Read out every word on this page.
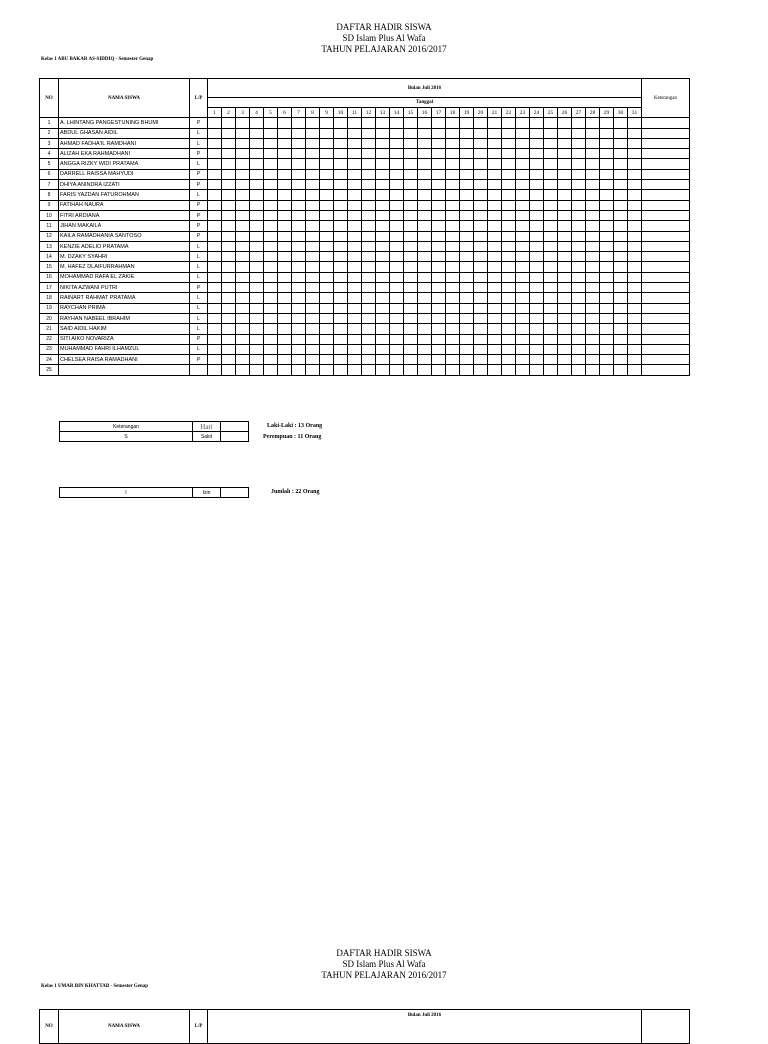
DAFTAR HADIR SISWA
SD Islam Plus Al Wafa
TAHUN PELAJARAN 2016/2017
Kelas 1 ABU BAKAR AS-SIDDIQ - Semester Genap
NO	NAMA SISWA	L/P	Bulan Juli 2016																															Keterangan
			Tanggal																															
			1	2	3	4	5	6	7	8	9	10	11	12	13	14	15	16	17	18	19	20	21	22	23	24	25	26	27	28	29	30	31	
1	A. LHINTANG PANGESTUNING BHUMI	P																																
2	ABDUL GHASAN AIDIL	L																																
3	AHMAD FADHA'IL RAMDHANI	L																																
4	ALIZAH EKA RAHMADHANI	P																																
5	ANGGA RIZKY WIDI PRATAMA	L																																
6	DARRELL RAISSA MAHYUDI	P																																
7	DHIYA ANINDRA IZZATI	P																																
8	FARIS YAZDAN FATUROHMAN	L																																
9	FATIHAH NAURA	P																																
10	FITRI ARDIANA	P																																
11	JIHAN MAKAILA	P																																
12	KAILA RAMADHANIA SANTOSO	P																																
13	KENZIE ADELIO PRATAMA	L																																
14	M. DZAKY SYAHRI	L																																
15	M. HAFEZ DLAIFURRAHMAN	L																																
16	MOHAMMAD RAFA EL ZAKIE	L																																
17	NIKITA AZWANI PUTRI	P																																
18	RAINART RAHMAT PRATAMA	L																																
19	RAYCHAN PRIMA	L																																
20	RAYHAN NABEEL IBRAHIM	L																																
21	SAID AIDIL HAKIM	L																																
22	SITI AIKO NOVARIZA	P																																
23	MUHAMMAD FAHRI ILHAMZUL	L																																
24	CHELSEA RAISA RAMADHANI	P																																
25																																		
Keterangan	Hari	
S	Sakit	
Laki-Laki : 13 Orang
Perempuan : 11 Orang
I	Izin		Jumlah : 22 Orang
DAFTAR HADIR SISWA
SD Islam Plus Al Wafa
TAHUN PELAJARAN 2016/2017
Kelas 1 UMAR BIN KHATTAB - Semester Genap
NO	NAMA SISWA	L/P	Bulan Juli 2016	
